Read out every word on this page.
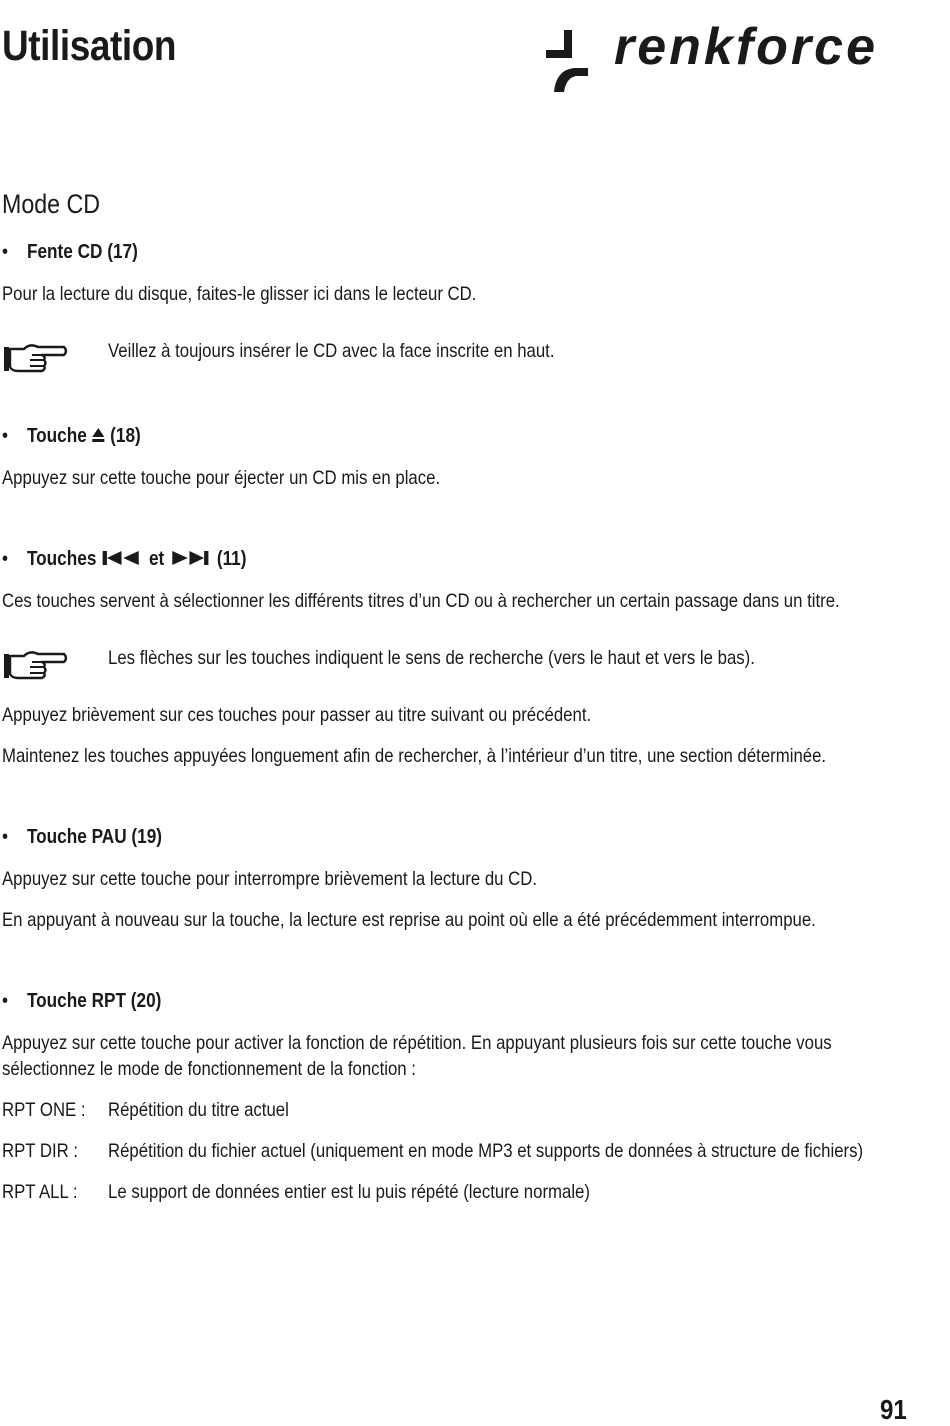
Utilisation	renkforce
Mode CD
• Fente CD (17)
Pour la lecture du disque, faites-le glisser ici dans le lecteur CD.
Veillez à toujours insérer le CD avec la face inscrite en haut.
• Touche (18)
Appuyez sur cette touche pour éjecter un CD mis en place.
• Touches	et	(11)
Ces touches servent à sélectionner les différents titres d’un CD ou à rechercher un certain passage dans un titre.
Les flèches sur les touches indiquent le sens de recherche (vers le haut et vers le bas).
Appuyez brièvement sur ces touches pour passer au titre suivant ou précédent.
Maintenez les touches appuyées longuement afin de rechercher, à l’intérieur d’un titre, une section déterminée.
• Touche PAU (19)
Appuyez sur cette touche pour interrompre brièvement la lecture du CD.
En appuyant à nouveau sur la touche, la lecture est reprise au point où elle a été précédemment interrompue.
• Touche RPT (20)
Appuyez sur cette touche pour activer la fonction de répétition. En appuyant plusieurs fois sur cette touche vous
sélectionnez le mode de fonctionnement de la fonction :
RPT ONE : Répétition du titre actuel
RPT DIR : Répétition du fichier actuel (uniquement en mode MP3 et supports de données à structure de fichiers)
RPT ALL : Le support de données entier est lu puis répété (lecture normale)
91
